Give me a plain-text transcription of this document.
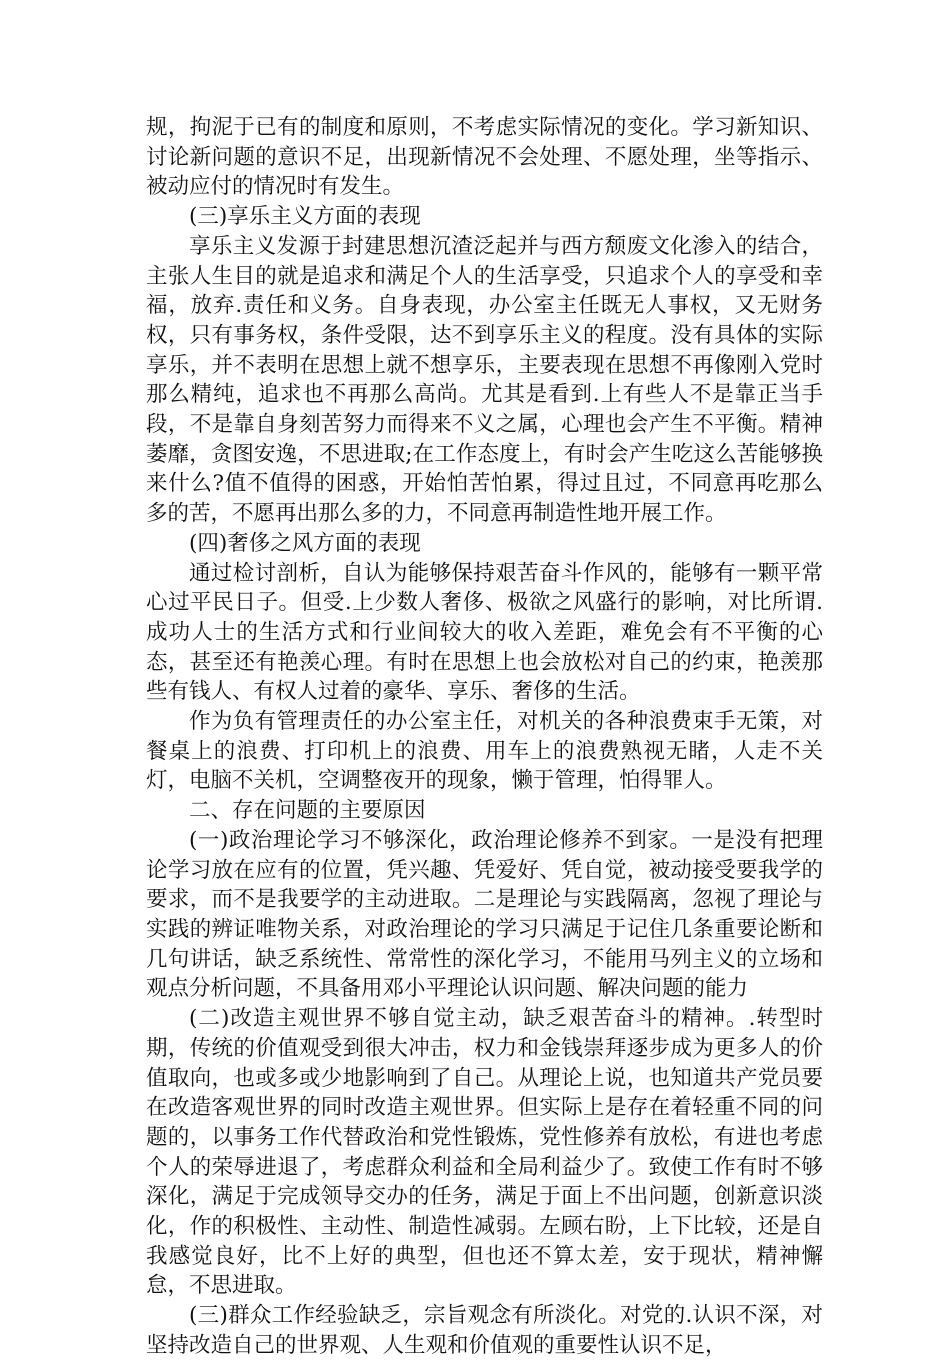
规，拘泥于已有的制度和原则，不考虑实际情况的变化。学习新知识、讨论新问题的意识不足，出现新情况不会处理、不愿处理，坐等指示、被动应付的情况时有发生。

(三)享乐主义方面的表现

享乐主义发源于封建思想沉渣泛起并与西方颓废文化渗入的结合，主张人生目的就是追求和满足个人的生活享受，只追求个人的享受和幸福，放弃.责任和义务。自身表现，办公室主任既无人事权，又无财务权，只有事务权，条件受限，达不到享乐主义的程度。没有具体的实际享乐，并不表明在思想上就不想享乐，主要表现在思想不再像刚入党时那么精纯，追求也不再那么高尚。尤其是看到.上有些人不是靠正当手段，不是靠自身刻苦努力而得来不义之属，心理也会产生不平衡。精神萎靡，贪图安逸，不思进取;在工作态度上，有时会产生吃这么苦能够换来什么?值不值得的困惑，开始怕苦怕累，得过且过，不同意再吃那么多的苦，不愿再出那么多的力，不同意再制造性地开展工作。

(四)奢侈之风方面的表现

通过检讨剖析，自认为能够保持艰苦奋斗作风的，能够有一颗平常心过平民日子。但受.上少数人奢侈、极欲之风盛行的影响，对比所谓.成功人士的生活方式和行业间较大的收入差距，难免会有不平衡的心态，甚至还有艳羡心理。有时在思想上也会放松对自己的约束，艳羡那些有钱人、有权人过着的豪华、享乐、奢侈的生活。

作为负有管理责任的办公室主任，对机关的各种浪费束手无策，对餐桌上的浪费、打印机上的浪费、用车上的浪费熟视无睹，人走不关灯，电脑不关机，空调整夜开的现象，懒于管理，怕得罪人。

二、存在问题的主要原因

(一)政治理论学习不够深化，政治理论修养不到家。一是没有把理论学习放在应有的位置，凭兴趣、凭爱好、凭自觉，被动接受要我学的要求，而不是我要学的主动进取。二是理论与实践隔离，忽视了理论与实践的辨证唯物关系，对政治理论的学习只满足于记住几条重要论断和几句讲话，缺乏系统性、常常性的深化学习，不能用马列主义的立场和观点分析问题，不具备用邓小平理论认识问题、解决问题的能力

(二)改造主观世界不够自觉主动，缺乏艰苦奋斗的精神。.转型时期，传统的价值观受到很大冲击，权力和金钱崇拜逐步成为更多人的价值取向，也或多或少地影响到了自己。从理论上说，也知道共产党员要在改造客观世界的同时改造主观世界。但实际上是存在着轻重不同的问题的，以事务工作代替政治和党性锻炼，党性修养有放松，有进也考虑个人的荣辱进退了，考虑群众利益和全局利益少了。致使工作有时不够深化，满足于完成领导交办的任务，满足于面上不出问题，创新意识淡化，作的积极性、主动性、制造性减弱。左顾右盼，上下比较，还是自我感觉良好，比不上好的典型，但也还不算太差，安于现状，精神懈怠，不思进取。

(三)群众工作经验缺乏，宗旨观念有所淡化。对党的.认识不深，对坚持改造自己的世界观、人生观和价值观的重要性认识不足，
